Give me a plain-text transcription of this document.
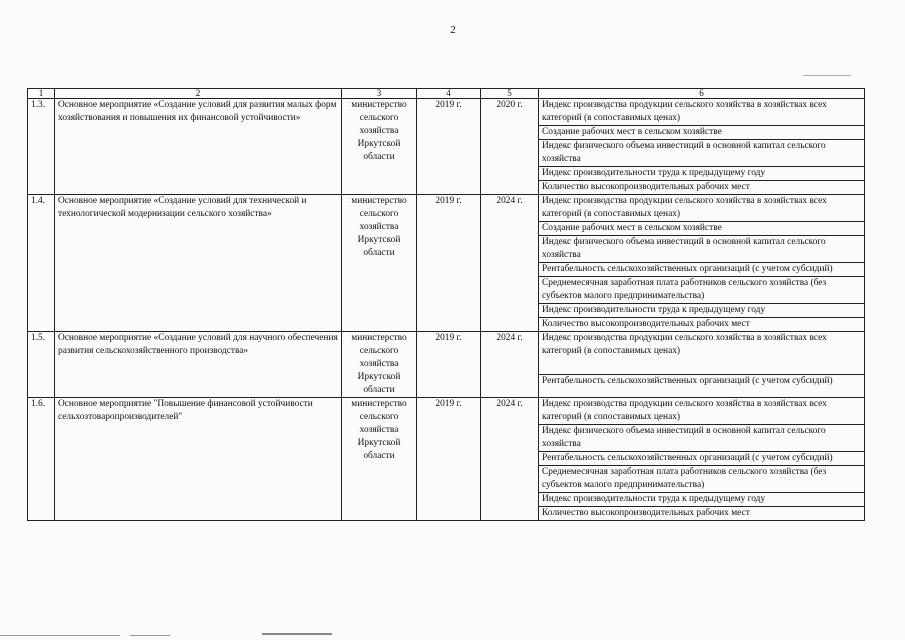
2
1	2	3	4	5	6
1.3.	Основное мероприятие «Создание условий для развития малых форм хозяйствования и повышения их финансовой устойчивости»	министерство сельского хозяйства Иркутской области	2019 г.	2020 г.	Индекс производства продукции сельского хозяйства в хозяйствах всех категорий (в сопоставимых ценах)
					Создание рабочих мест в сельском хозяйстве
					Индекс физического объема инвестиций в основной капитал сельского хозяйства
					Индекс производительности труда к предыдущему году
					Количество высокопроизводительных рабочих мест
1.4.	Основное мероприятие «Создание условий для технической и технологической модернизации сельского хозяйства»	министерство сельского хозяйства Иркутской области	2019 г.	2024 г.	Индекс производства продукции сельского хозяйства в хозяйствах всех категорий (в сопоставимых ценах)
					Создание рабочих мест в сельском хозяйстве
					Индекс физического объема инвестиций в основной капитал сельского хозяйства
					Рентабельность сельскохозяйственных организаций (с учетом субсидий)
					Среднемесячная заработная плата работников сельского хозяйства (без субъектов малого предпринимательства)
					Индекс производительности труда к предыдущему году
					Количество высокопроизводительных рабочих мест
1.5.	Основное мероприятие «Создание условий для научного обеспечения развития сельскохозяйственного производства»	министерство сельского хозяйства Иркутской области	2019 г.	2024 г.	Индекс производства продукции сельского хозяйства в хозяйствах всех категорий (в сопоставимых ценах)
					Рентабельность сельскохозяйственных организаций (с учетом субсидий)
1.6.	Основное мероприятие "Повышение финансовой устойчивости сельхозтоваропроизводителей"	министерство сельского хозяйства Иркутской области	2019 г.	2024 г.	Индекс производства продукции сельского хозяйства в хозяйствах всех категорий (в сопоставимых ценах)
					Индекс физического объема инвестиций в основной капитал сельского хозяйства
					Рентабельность сельскохозяйственных организаций (с учетом субсидий)
					Среднемесячная заработная плата работников сельского хозяйства (без субъектов малого предпринимательства)
					Индекс производительности труда к предыдущему году
					Количество высокопроизводительных рабочих мест
